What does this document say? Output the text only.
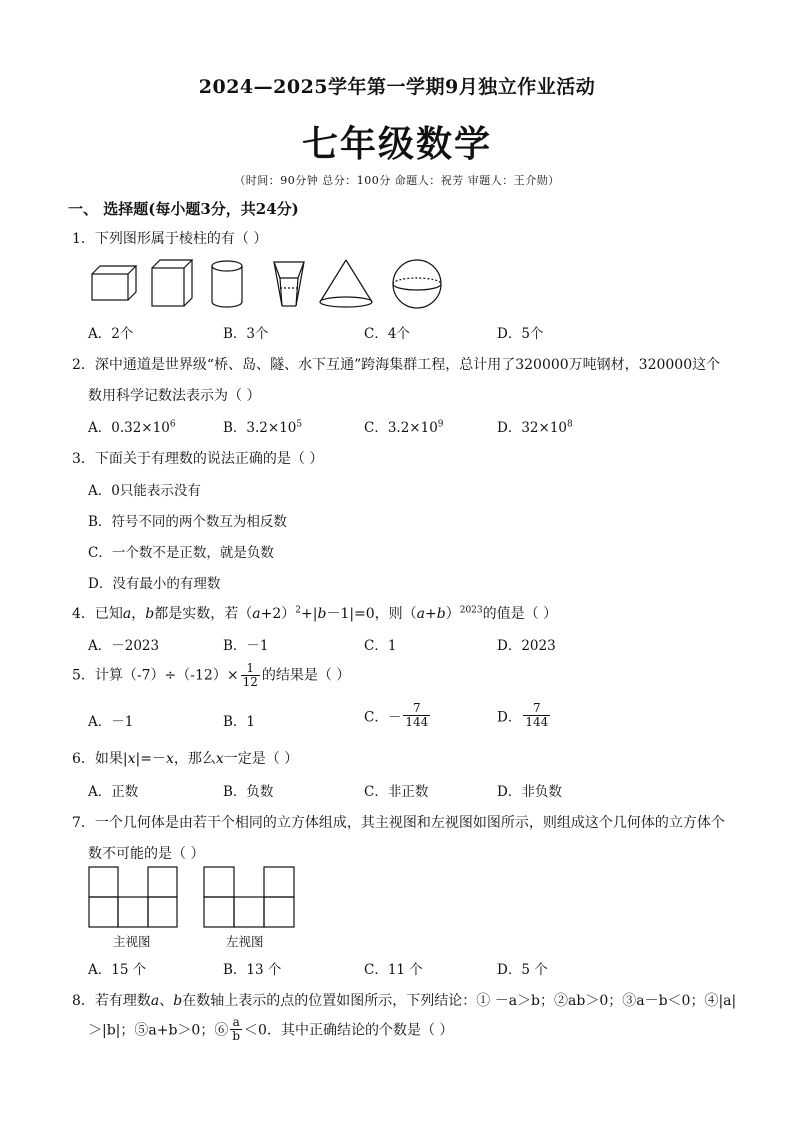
2024—2025学年第一学期9月独立作业活动
七年级数学
（时间：90分钟 总分：100分 命题人：祝芳 审题人：王介勋）
一、 选择题(每小题3分，共24分)
1．下列图形属于棱柱的有（ ）
A．2个	B．3个	C．4个	D．5个
2．深中通道是世界级“桥、岛、隧、水下互通”跨海集群工程，总计用了320000万吨钢材，320000这个
数用科学记数法表示为（ ）
A．$0.32\times 10^6$	B．$3.2\times 10^5$	C．$3.2\times 10^9$	D．$32\times 10^8$
3．下面关于有理数的说法正确的是（ ）
A．0只能表示没有
B．符号不同的两个数互为相反数
C．一个数不是正数，就是负数
D．没有最小的有理数
4．已知a，b都是实数，若$(a+2)^2+|b-1|=0$，则$(a+b)^{2023}$的值是（ ）
A．－2023	B．－1	C．1	D．2023
5．计算$(-7)\div(-12)\times \frac{1}{12}$ 的结果是（ ）
A．－1	B．1	C．－ $\frac{7}{144}$	D． $\frac{7}{144}$
6．如果|x|=－x，那么x一定是（ ）
A．正数	B．负数	C．非正数	D．非负数
7．一个几何体是由若干个相同的立方体组成，其主视图和左视图如图所示，则组成这个几何体的立方体个
数不可能的是（ ）
主视图	左视图
A．15 个	B．13 个	C．11 个	D．5 个
8．若有理数a、b在数轴上表示的点的位置如图所示，下列结论：① －a＞b；②ab＞0；③a－b＜0；④|a|
＞|b|；⑤a+b＞0；⑥ $\frac{a}{b} <0$．其中正确结论的个数是（ ）
